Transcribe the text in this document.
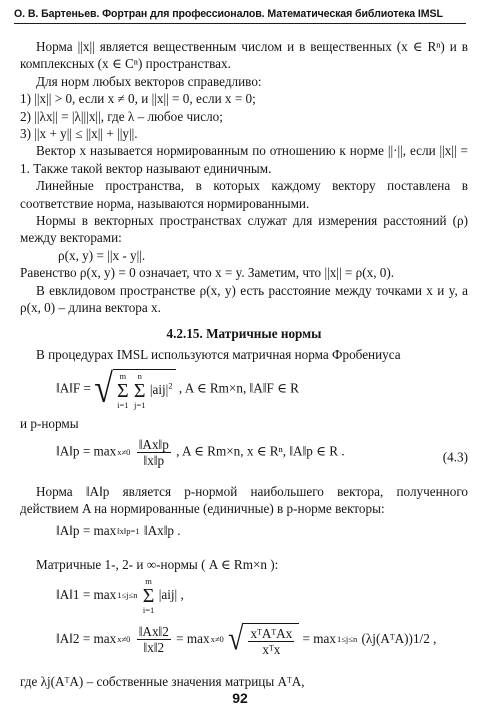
О. В. Бартеньев. Фортран для профессионалов. Математическая библиотека IMSL

Норма ||x|| является вещественным числом и в вещественных (x ∈ Rⁿ) и в комплексных (x ∈ Cⁿ) пространствах.

Для норм любых векторов справедливо:

1) ||x|| > 0, если x ≠ 0, и ||x|| = 0, если x = 0;

2) ||λx|| = |λ|||x||, где λ – любое число;

3) ||x + y|| ≤ ||x|| + ||y||.

Вектор x называется нормированным по отношению к норме ||·||, если ||x|| = 1. Также такой вектор называют единичным.

Линейные пространства, в которых каждому вектору поставлена в соответствие норма, называются нормированными.

Нормы в векторных пространствах служат для измерения расстояний (ρ) между векторами:

ρ(x, y) = ||x - y||.

Равенство ρ(x, y) = 0 означает, что x = y. Заметим, что ||x|| = ρ(x, 0).

В евклидовом пространстве ρ(x, y) есть расстояние между точками x и y, а ρ(x, 0) – длина вектора x.

4.2.15. Матричные нормы

В процедурах IMSL используются матричная норма Фробениуса

‖A‖F = √ m
Σ
i=1

n
Σ
j=1
$|aij|^2$ , A ∈ Rm×n, ‖A‖F ∈ R

и p-нормы

‖A‖p = max x≠0
$\frac{‖Ax‖p}{‖x‖p}$ , A ∈ Rm×n, x ∈ Rⁿ, ‖A‖p ∈ R .	(4.3)

Норма ‖A‖p является p-нормой наибольшего вектора, полученного действием A на нормированные (единичные) в p-норме векторы:

‖A‖p = max ‖x‖p=1 ‖Ax‖p .

Матричные 1-, 2- и ∞-нормы ( A ∈ Rm×n ):

‖A‖1 = max 1≤j≤n

m
Σ
i=1
|aij| ,
‖A‖2 = max x≠0
$\frac{‖Ax‖2}{‖x‖2} = \max x\ne 0$
√ $\frac{\text{xᵀAᵀAx}}{\text{xᵀx}} = \max 1\le j\le n$ (λj(AᵀA))1/2 ,

где λj(AᵀA) – собственные значения матрицы AᵀA,

92
